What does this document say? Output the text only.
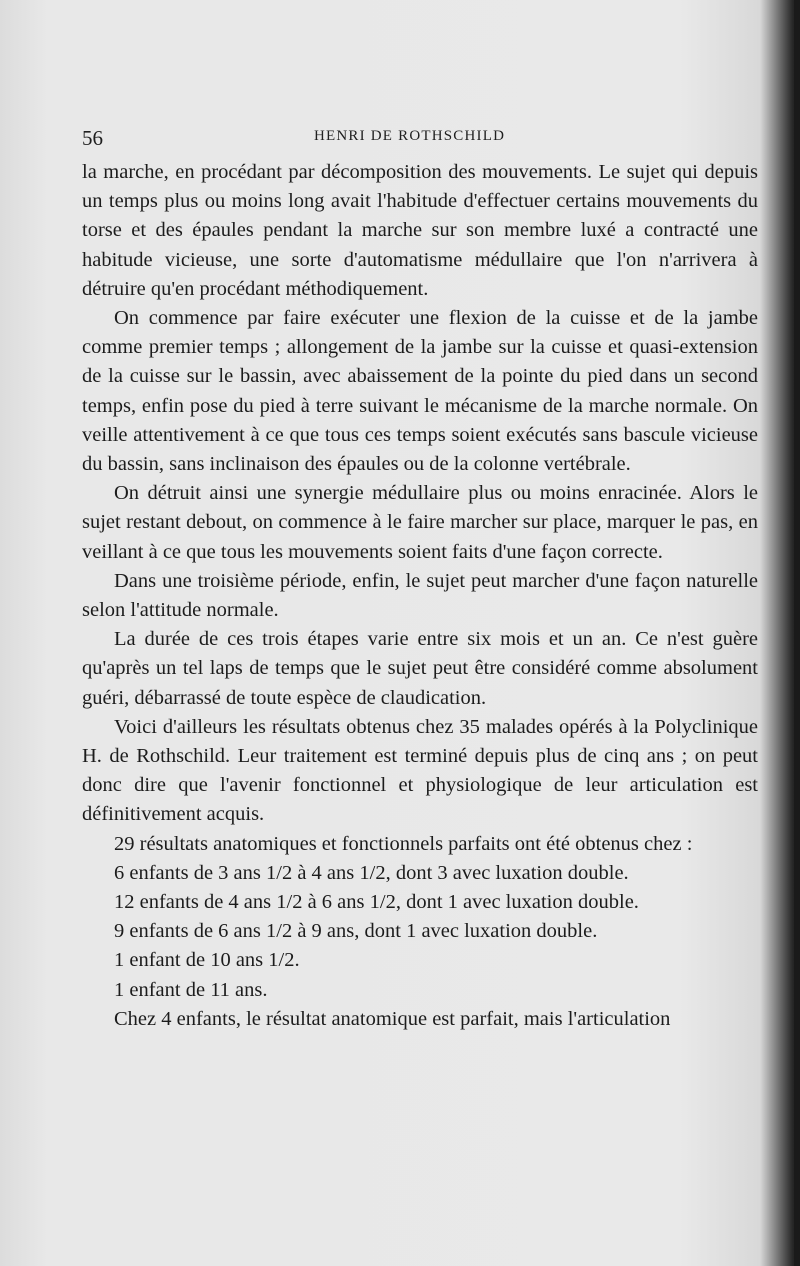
56	HENRI DE ROTHSCHILD

la marche, en procédant par décomposition des mouvements. Le sujet qui depuis un temps plus ou moins long avait l'habitude d'effectuer certains mouvements du torse et des épaules pendant la marche sur son membre luxé a contracté une habitude vicieuse, une sorte d'automatisme médullaire que l'on n'arrivera à détruire qu'en procédant méthodiquement.

On commence par faire exécuter une flexion de la cuisse et de la jambe comme premier temps ; allongement de la jambe sur la cuisse et quasi-extension de la cuisse sur le bassin, avec abaissement de la pointe du pied dans un second temps, enfin pose du pied à terre suivant le mécanisme de la marche normale. On veille attentivement à ce que tous ces temps soient exécutés sans bascule vicieuse du bassin, sans inclinaison des épaules ou de la colonne vertébrale.

On détruit ainsi une synergie médullaire plus ou moins enracinée. Alors le sujet restant debout, on commence à le faire marcher sur place, marquer le pas, en veillant à ce que tous les mouvements soient faits d'une façon correcte.

Dans une troisième période, enfin, le sujet peut marcher d'une façon naturelle selon l'attitude normale.

La durée de ces trois étapes varie entre six mois et un an. Ce n'est guère qu'après un tel laps de temps que le sujet peut être considéré comme absolument guéri, débarrassé de toute espèce de claudication.

Voici d'ailleurs les résultats obtenus chez 35 malades opérés à la Polyclinique H. de Rothschild. Leur traitement est terminé depuis plus de cinq ans ; on peut donc dire que l'avenir fonctionnel et physiologique de leur articulation est définitivement acquis.

29 résultats anatomiques et fonctionnels parfaits ont été obtenus chez :

6 enfants de 3 ans 1/2 à 4 ans 1/2, dont 3 avec luxation double.
12 enfants de 4 ans 1/2 à 6 ans 1/2, dont 1 avec luxation double.
9 enfants de 6 ans 1/2 à 9 ans, dont 1 avec luxation double.
1 enfant de 10 ans 1/2.
1 enfant de 11 ans.

Chez 4 enfants, le résultat anatomique est parfait, mais l'articulation
